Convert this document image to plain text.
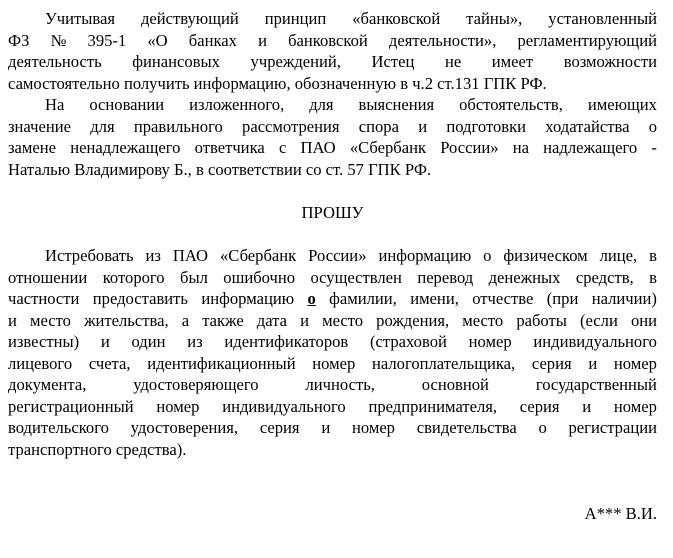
Учитывая действующий принцип «банковской тайны», установленный
ФЗ № 395-1 «О банках и банковской деятельности», регламентирующий
деятельность финансовых учреждений, Истец не имеет возможности
самостоятельно получить информацию, обозначенную в ч.2 ст.131 ГПК РФ.
На основании изложенного, для выяснения обстоятельств, имеющих
значение для правильного рассмотрения спора и подготовки ходатайства о
замене ненадлежащего ответчика с ПАО «Сбербанк России» на надлежащего -
Наталью Владимирову Б., в соответствии со ст. 57 ГПК РФ.
ПРОШУ
Истребовать из ПАО «Сбербанк России» информацию о физическом лице, в
отношении которого был ошибочно осуществлен перевод денежных средств, в
частности предоставить информацию о фамилии, имени, отчестве (при наличии)
и место жительства, а также дата и место рождения, место работы (если они
известны) и один из идентификаторов (страховой номер индивидуального
лицевого счета, идентификационный номер налогоплательщика, серия и номер
документа,	удостоверяющего	личность,	основной	государственный
регистрационный номер индивидуального предпринимателя, серия и номер
водительского удостоверения, серия и номер свидетельства о регистрации
транспортного средства).
А*** В.И.
